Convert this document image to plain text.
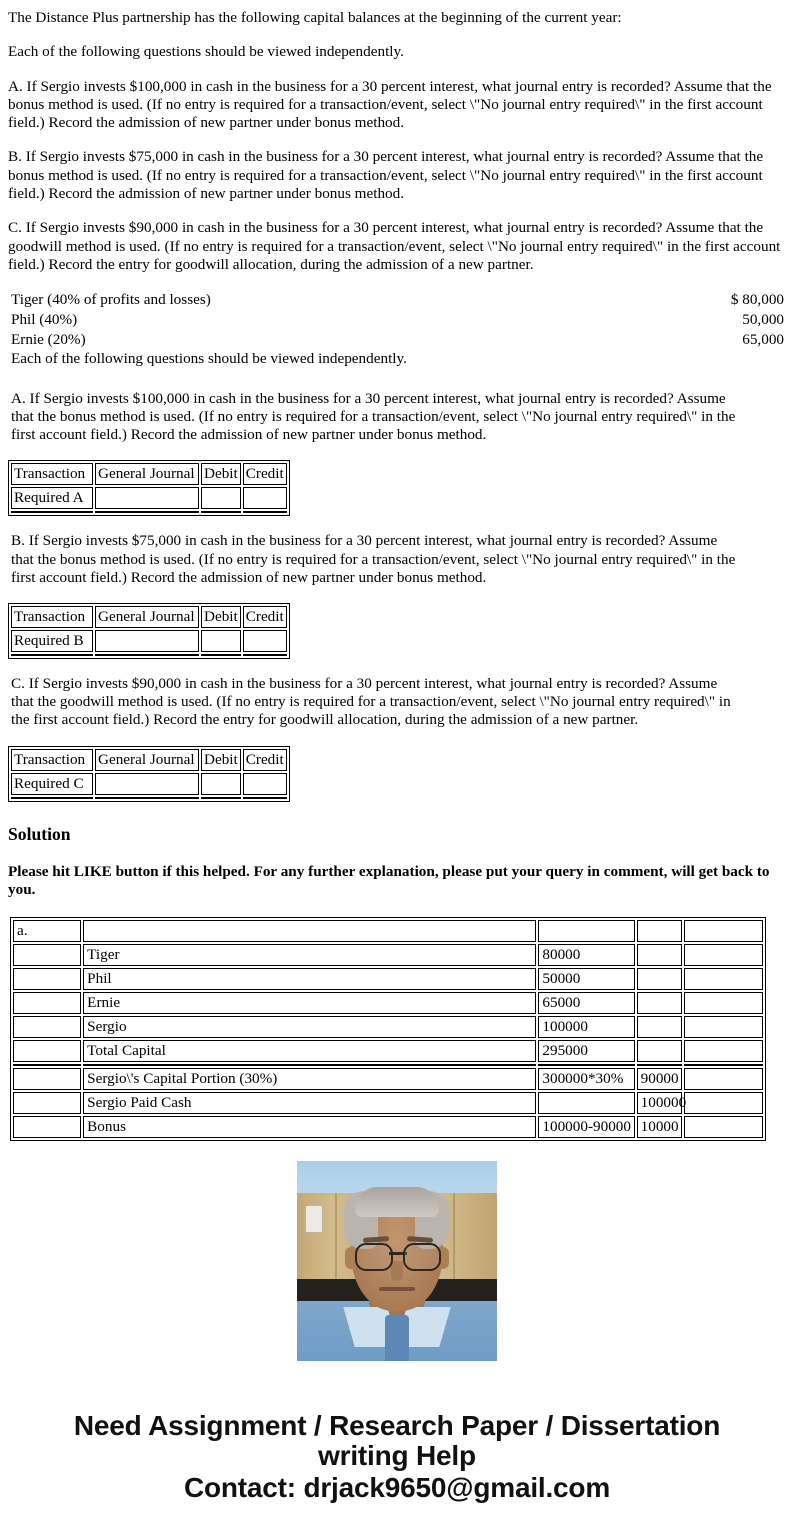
The Distance Plus partnership has the following capital balances at the beginning of the current year:

Each of the following questions should be viewed independently.

A. If Sergio invests $100,000 in cash in the business for a 30 percent interest, what journal entry is recorded? Assume that the bonus method is used. (If no entry is required for a transaction/event, select \"No journal entry required\" in the first account field.) Record the admission of new partner under bonus method.

B. If Sergio invests $75,000 in cash in the business for a 30 percent interest, what journal entry is recorded? Assume that the bonus method is used. (If no entry is required for a transaction/event, select \"No journal entry required\" in the first account field.) Record the admission of new partner under bonus method.

C. If Sergio invests $90,000 in cash in the business for a 30 percent interest, what journal entry is recorded? Assume that the goodwill method is used. (If no entry is required for a transaction/event, select \"No journal entry required\" in the first account field.) Record the entry for goodwill allocation, during the admission of a new partner.

Tiger (40% of profits and losses)	$ 80,000
Phil (40%)	50,000
Ernie (20%)	65,000

Each of the following questions should be viewed independently.

A. If Sergio invests $100,000 in cash in the business for a 30 percent interest, what journal entry is recorded? Assume that the bonus method is used. (If no entry is required for a transaction/event, select \"No journal entry required\" in the first account field.) Record the admission of new partner under bonus method.

Transaction	General Journal	Debit	Credit
Required A			

B. If Sergio invests $75,000 in cash in the business for a 30 percent interest, what journal entry is recorded? Assume that the bonus method is used. (If no entry is required for a transaction/event, select \"No journal entry required\" in the first account field.) Record the admission of new partner under bonus method.

Transaction	General Journal	Debit	Credit
Required B			

C. If Sergio invests $90,000 in cash in the business for a 30 percent interest, what journal entry is recorded? Assume that the goodwill method is used. (If no entry is required for a transaction/event, select \"No journal entry required\" in the first account field.) Record the entry for goodwill allocation, during the admission of a new partner.

Transaction	General Journal	Debit	Credit
Required C			

Solution

Please hit LIKE button if this helped. For any further explanation, please put your query in comment, will get back to you.

a.				
	Tiger	80000		
	Phil	50000		
	Ernie	65000		
	Sergio	100000		
	Total Capital	295000		

	Sergio\'s Capital Portion (30%)	300000*30%	90000	
	Sergio Paid Cash		100000	
	Bonus	100000-90000	10000	
Need Assignment / Research Paper / Dissertation
writing Help
Contact: drjack9650@gmail.com
